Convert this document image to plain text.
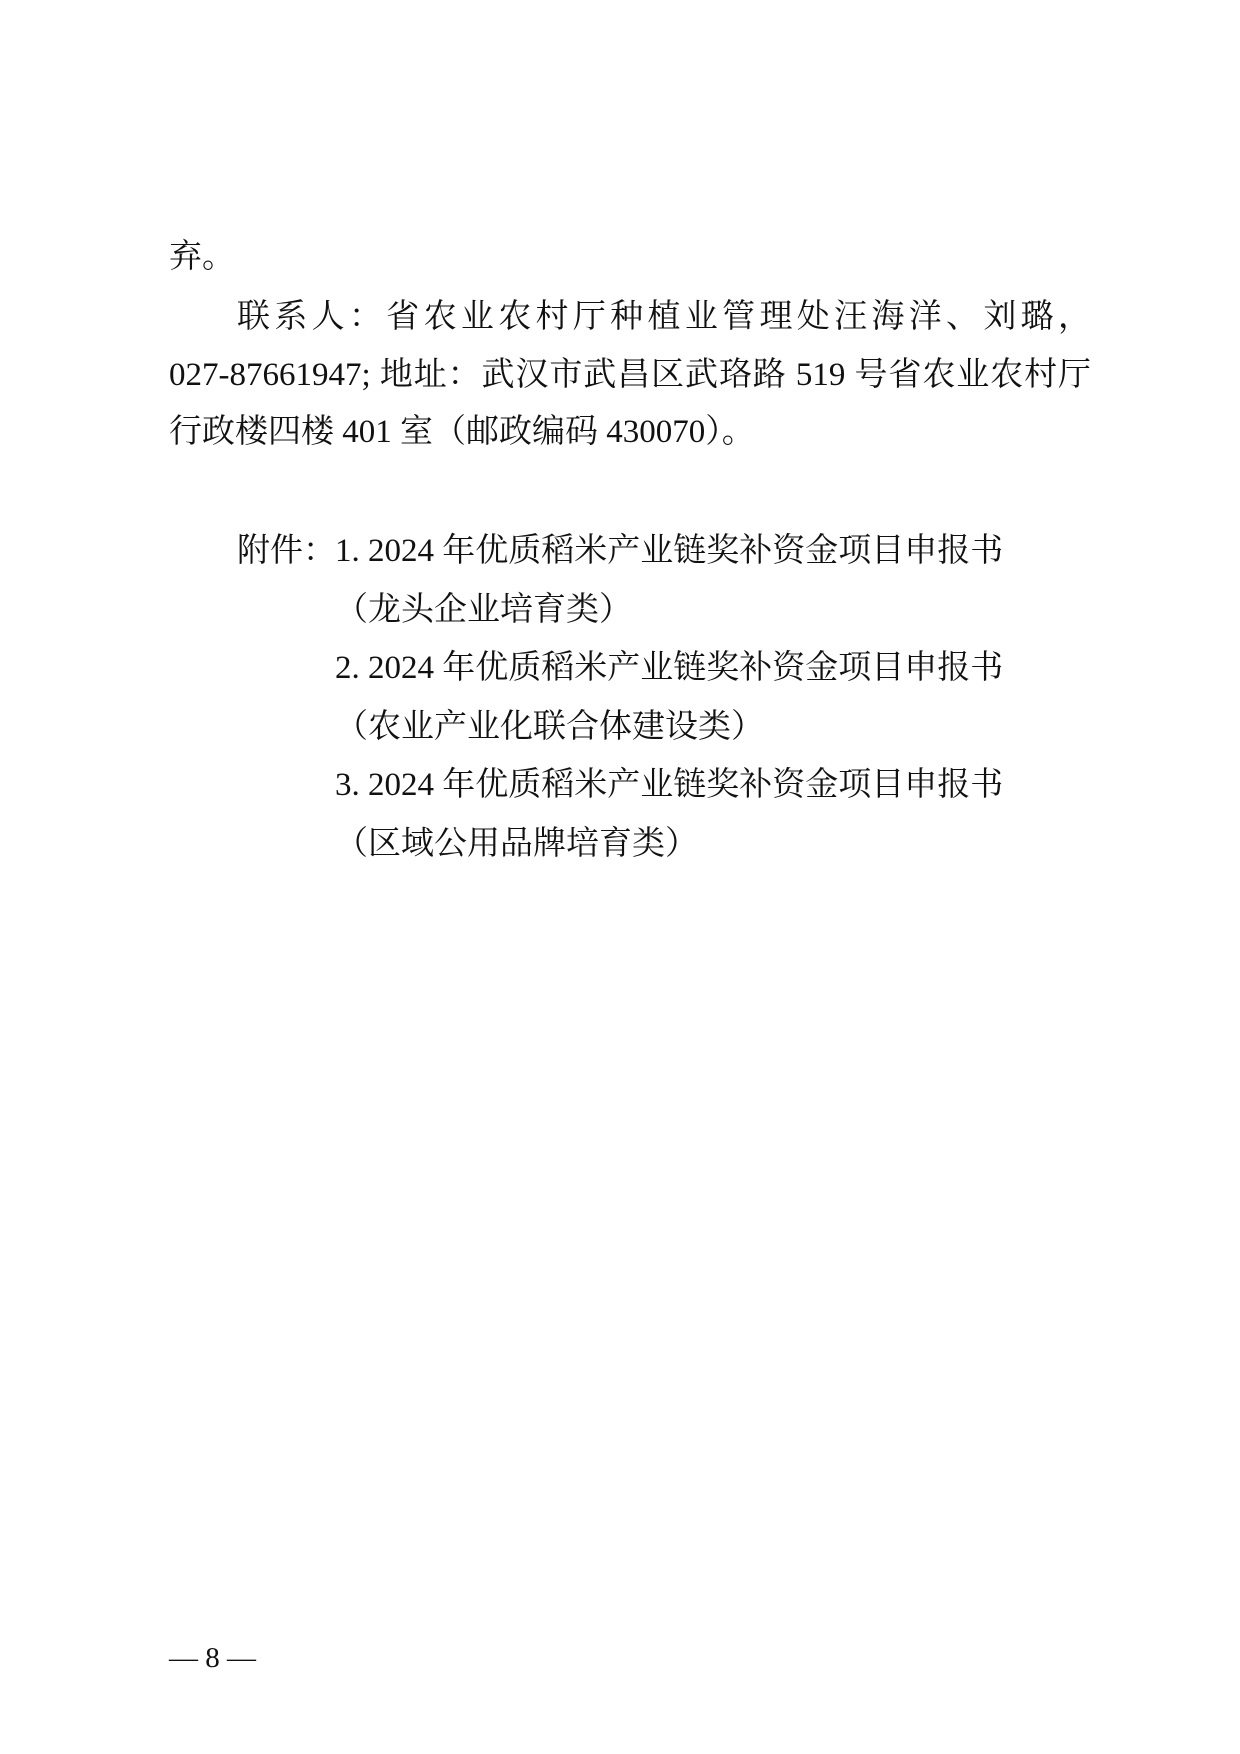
弃。
联系人：省农业农村厅种植业管理处汪海洋、刘璐，
027-87661947; 地址：武汉市武昌区武珞路 519 号省农业农村厅
行政楼四楼 401 室（邮政编码 430070）。
附件： 1. 2024 年优质稻米产业链奖补资金项目申报书
（龙头企业培育类）
2. 2024 年优质稻米产业链奖补资金项目申报书
（农业产业化联合体建设类）
3. 2024 年优质稻米产业链奖补资金项目申报书
（区域公用品牌培育类）
— 8 —
